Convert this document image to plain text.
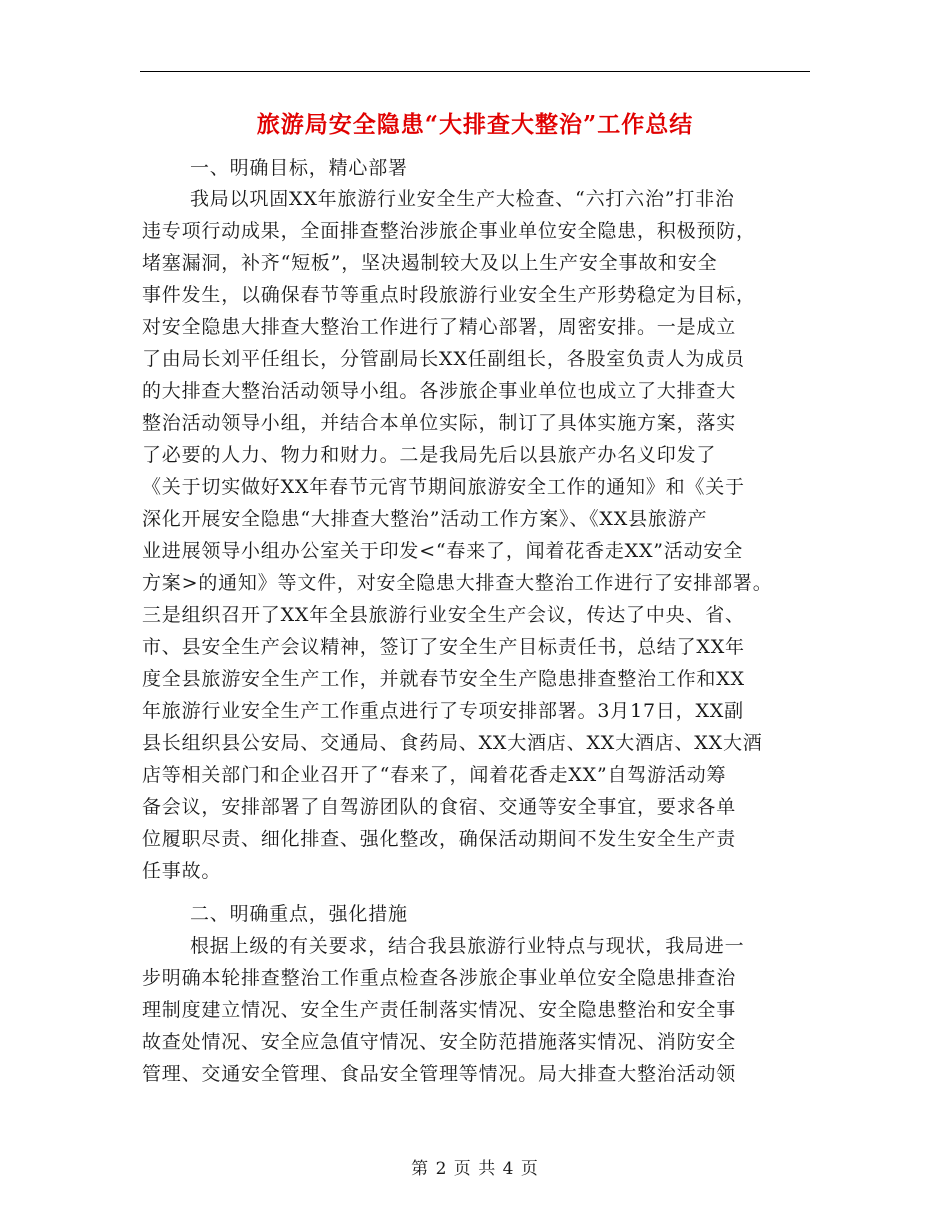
旅游局安全隐患“大排查大整治”工作总结
一、明确目标，精心部署
我局以巩固XX年旅游行业安全生产大检查、“六打六治”打非治
违专项行动成果，全面排查整治涉旅企事业单位安全隐患，积极预防，
堵塞漏洞，补齐“短板”，坚决遏制较大及以上生产安全事故和安全
事件发生，以确保春节等重点时段旅游行业安全生产形势稳定为目标，
对安全隐患大排查大整治工作进行了精心部署，周密安排。一是成立
了由局长刘平任组长，分管副局长XX任副组长，各股室负责人为成员
的大排查大整治活动领导小组。各涉旅企事业单位也成立了大排查大
整治活动领导小组，并结合本单位实际，制订了具体实施方案，落实
了必要的人力、物力和财力。二是我局先后以县旅产办名义印发了
《关于切实做好XX年春节元宵节期间旅游安全工作的通知》和《关于
深化开展安全隐患“大排查大整治”活动工作方案》、《XX县旅游产
业进展领导小组办公室关于印发<“春来了，闻着花香走XX”活动安全
方案>的通知》等文件，对安全隐患大排查大整治工作进行了安排部署。
三是组织召开了XX年全县旅游行业安全生产会议，传达了中央、省、
市、县安全生产会议精神，签订了安全生产目标责任书，总结了XX年
度全县旅游安全生产工作，并就春节安全生产隐患排查整治工作和XX
年旅游行业安全生产工作重点进行了专项安排部署。3月17日，XX副
县长组织县公安局、交通局、食药局、XX大酒店、XX大酒店、XX大酒
店等相关部门和企业召开了“春来了，闻着花香走XX”自驾游活动筹
备会议，安排部署了自驾游团队的食宿、交通等安全事宜，要求各单
位履职尽责、细化排查、强化整改，确保活动期间不发生安全生产责
任事故。
二、明确重点，强化措施
根据上级的有关要求，结合我县旅游行业特点与现状，我局进一
步明确本轮排查整治工作重点检查各涉旅企事业单位安全隐患排查治
理制度建立情况、安全生产责任制落实情况、安全隐患整治和安全事
故查处情况、安全应急值守情况、安全防范措施落实情况、消防安全
管理、交通安全管理、食品安全管理等情况。局大排查大整治活动领
第 2 页 共 4 页
